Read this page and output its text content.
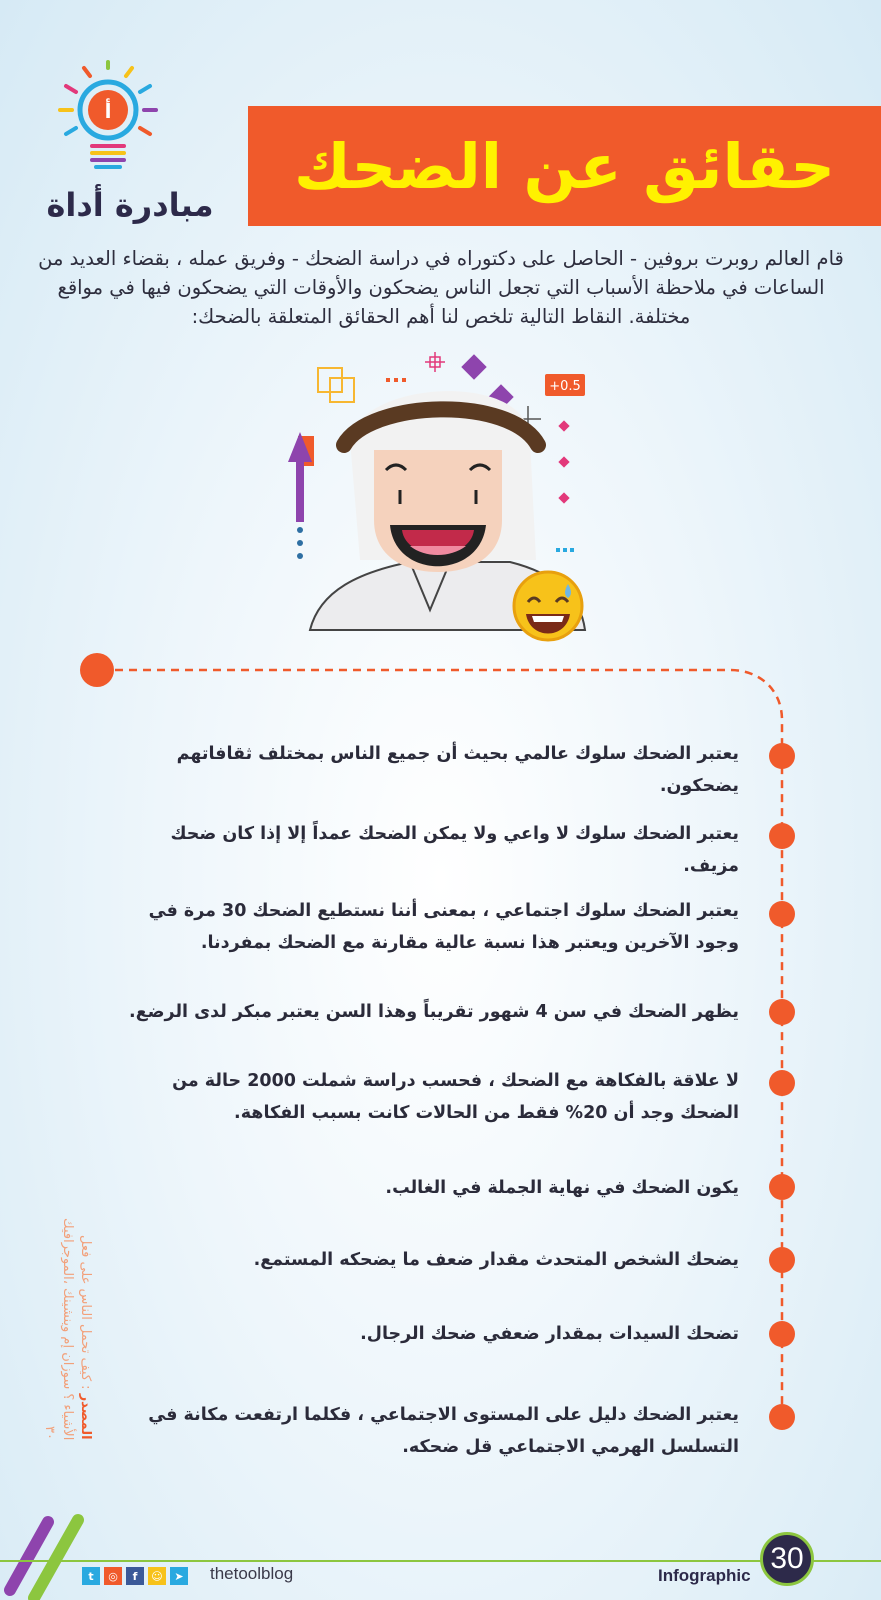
أ
مبادرة أداة
حقائق عن الضحك
قام العالم روبرت بروفين - الحاصل على دكتوراه في دراسة الضحك - وفريق عمله ، بقضاء العديد من الساعات في ملاحظة الأسباب التي تجعل الناس يضحكون والأوقات التي يضحكون فيها في مواقع مختلفة. النقاط التالية تلخص لنا أهم الحقائق المتعلقة بالضحك:
+0.5
يعتبر الضحك سلوك عالمي بحيث أن جميع الناس بمختلف ثقافاتهم يضحكون.
يعتبر الضحك سلوك لا واعي ولا يمكن الضحك عمداً إلا إذا كان ضحك مزيف.
يعتبر الضحك سلوك اجتماعي ، بمعنى أننا نستطيع الضحك 30 مرة في وجود الآخرين ويعتبر هذا نسبة عالية مقارنة مع الضحك بمفردنا.
يظهر الضحك في سن 4 شهور تقريباً وهذا السن يعتبر مبكر لدى الرضع.
لا علاقة بالفكاهة مع الضحك ، فحسب دراسة شملت 2000 حالة من الضحك وجد أن 20% فقط من الحالات كانت بسبب الفكاهة.
يكون الضحك في نهاية الجملة في الغالب.
يضحك الشخص المتحدث مقدار ضعف ما يضحكه المستمع.
تضحك السيدات بمقدار ضعفي ضحك الرجال.
يعتبر الضحك دليل على المستوى الاجتماعي ، فكلما ارتفعت مكانة في التسلسل الهرمي الاجتماعي قل ضحكه.
المصدر : كيف تحمل الناس على فعل الأشياء ؟ سوزان إم وينشينك ،الموجرافيك ٣٠
t	◎	f	☺	➤ thetoolblog	Infographic
30
